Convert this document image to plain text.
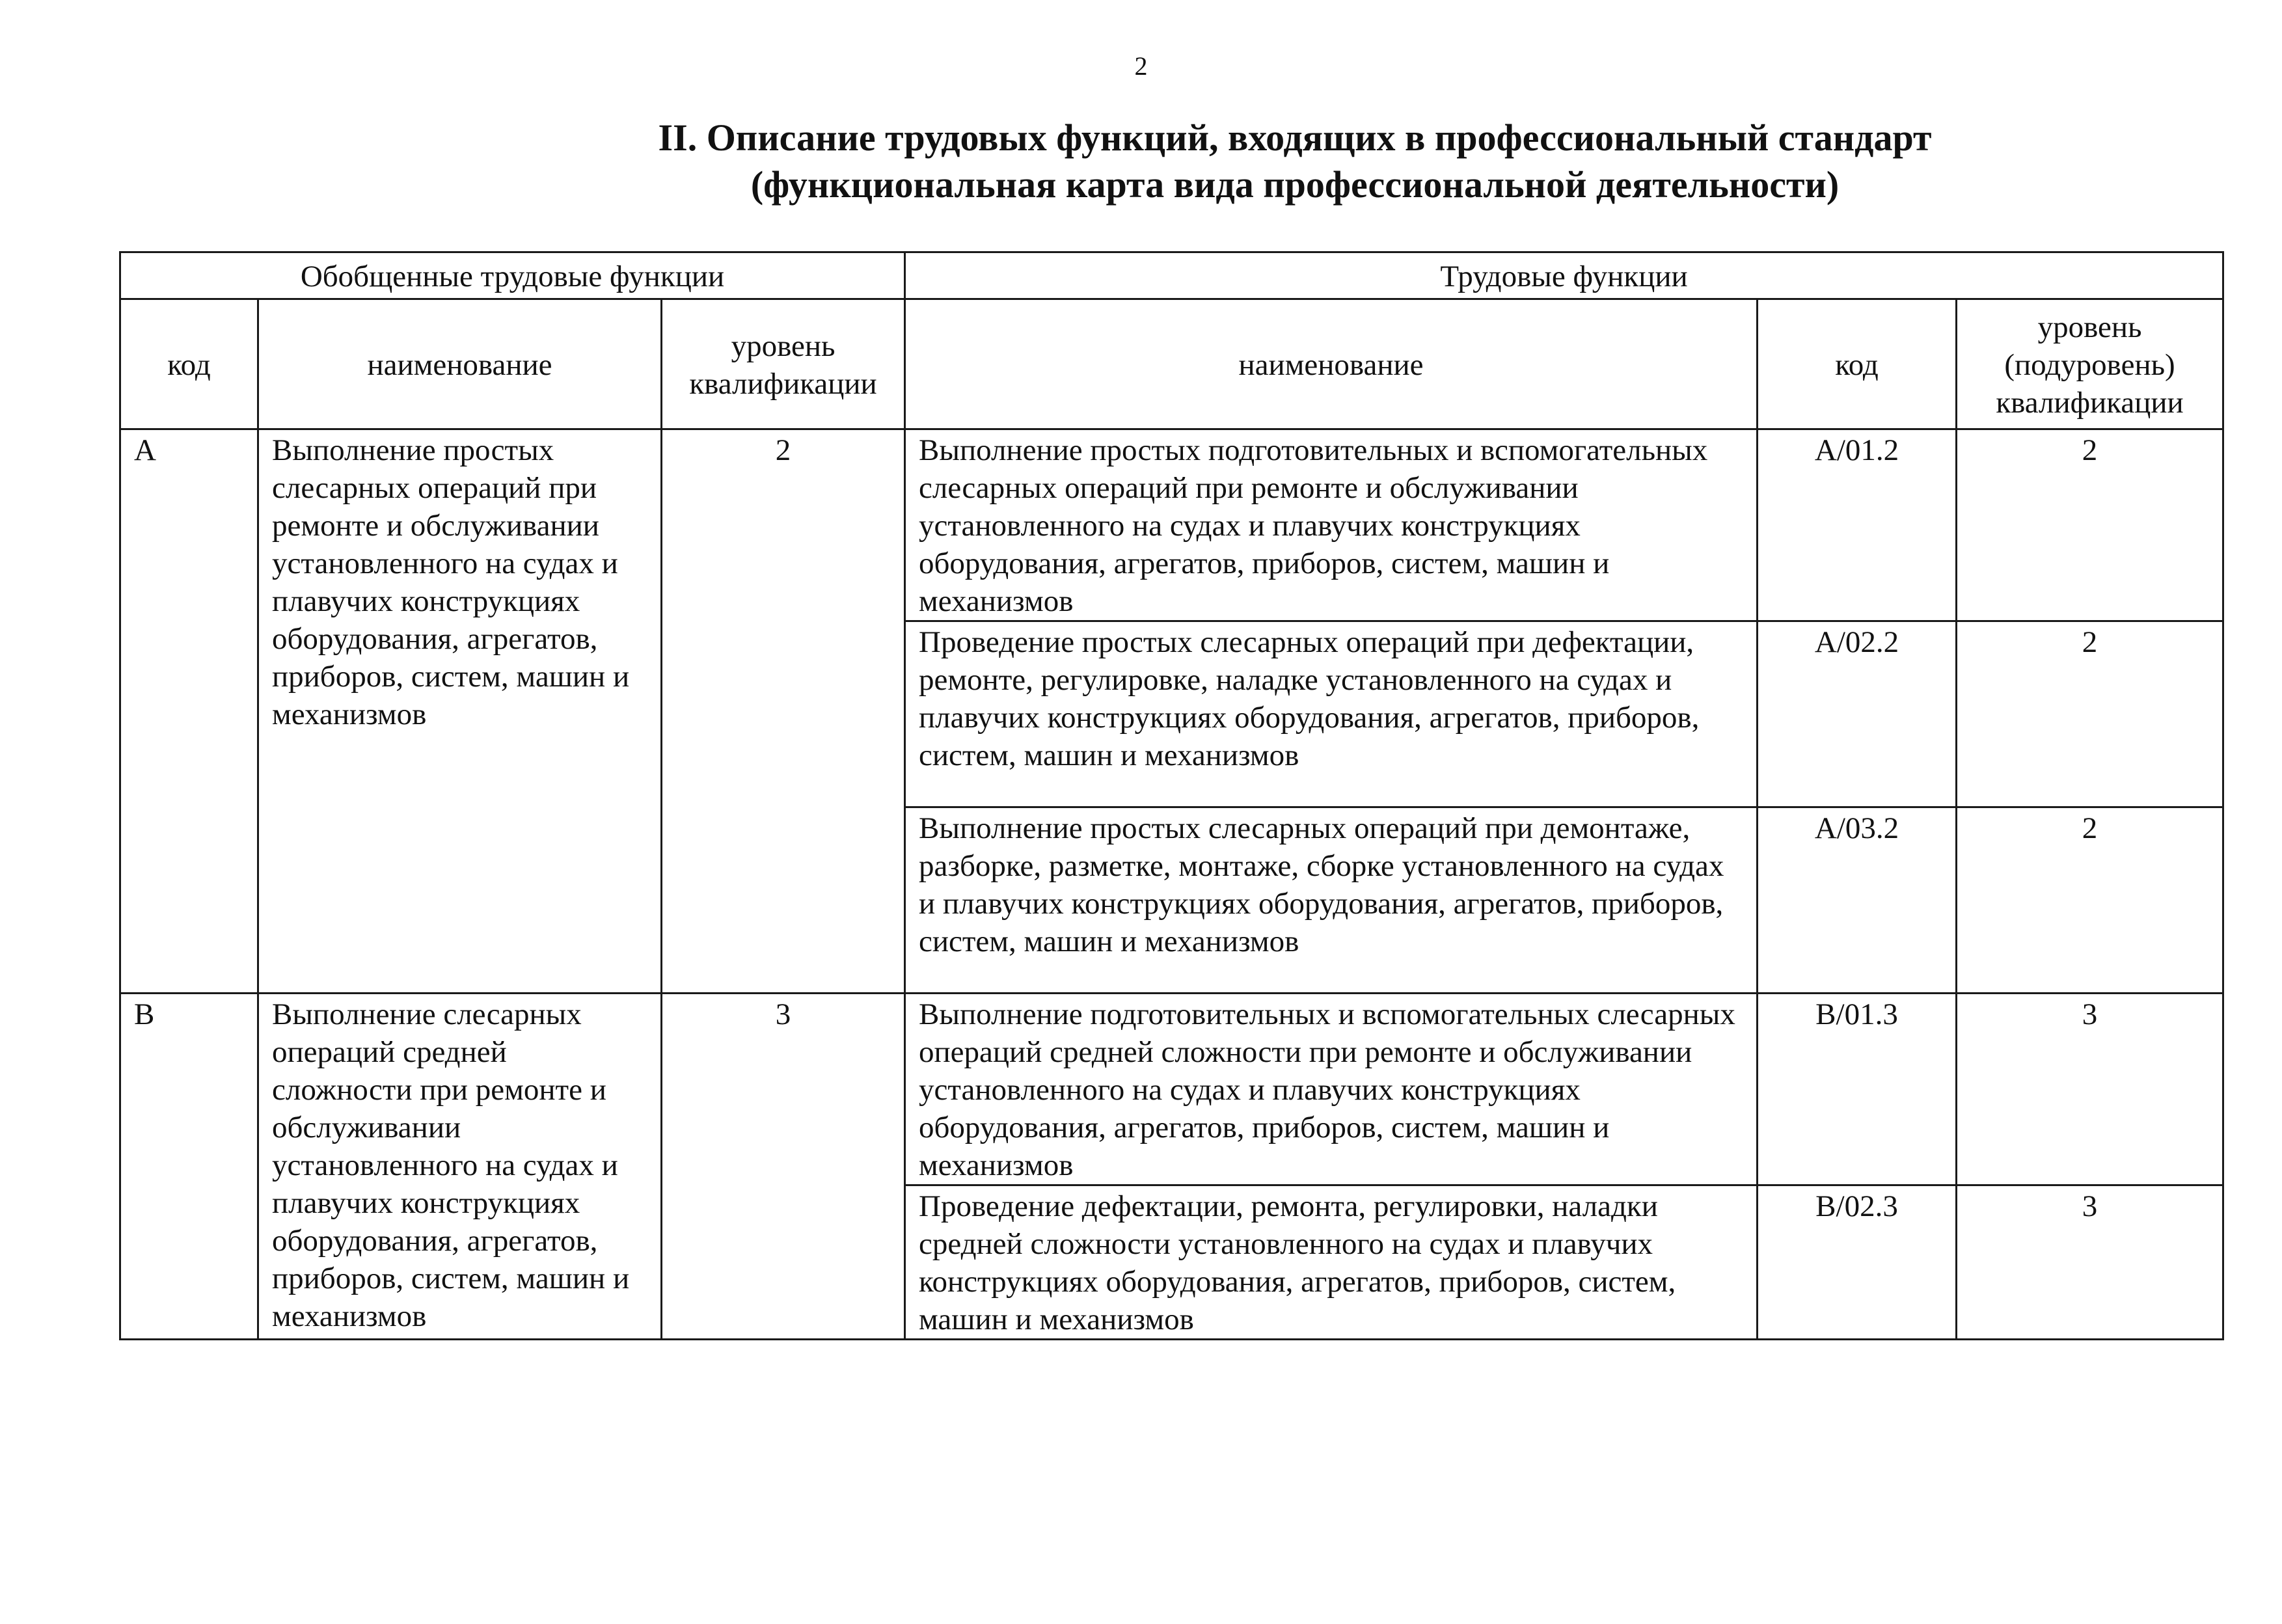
2
II. Описание трудовых функций, входящих в профессиональный стандарт
(функциональная карта вида профессиональной деятельности)
Обобщенные трудовые функции			Трудовые функции		
код	наименование	уровень квалификации	наименование	код	уровень (подуровень) квалификации
А	Выполнение простых слесарных операций при ремонте и обслуживании установленного на судах и плавучих конструкциях оборудования, агрегатов, приборов, систем, машин и механизмов	2	Выполнение простых подготовительных и вспомогательных слесарных операций при ремонте и обслуживании установленного на судах и плавучих конструкциях оборудования, агрегатов, приборов, систем, машин и механизмов	А/01.2	2
			Проведение простых слесарных операций при дефектации, ремонте, регулировке, наладке установленного на судах и плавучих конструкциях оборудования, агрегатов, приборов, систем, машин и механизмов	А/02.2	2
			Выполнение простых слесарных операций при демонтаже, разборке, разметке, монтаже, сборке установленного на судах и плавучих конструкциях оборудования, агрегатов, приборов, систем, машин и механизмов	А/03.2	2
В	Выполнение слесарных операций средней сложности при ремонте и обслуживании установленного на судах и плавучих конструкциях оборудования, агрегатов, приборов, систем, машин и механизмов	3	Выполнение подготовительных и вспомогательных слесарных операций средней сложности при ремонте и обслуживании установленного на судах и плавучих конструкциях оборудования, агрегатов, приборов, систем, машин и механизмов	В/01.3	3
			Проведение дефектации, ремонта, регулировки, наладки средней сложности установленного на судах и плавучих конструкциях оборудования, агрегатов, приборов, систем, машин и механизмов	В/02.3	3
